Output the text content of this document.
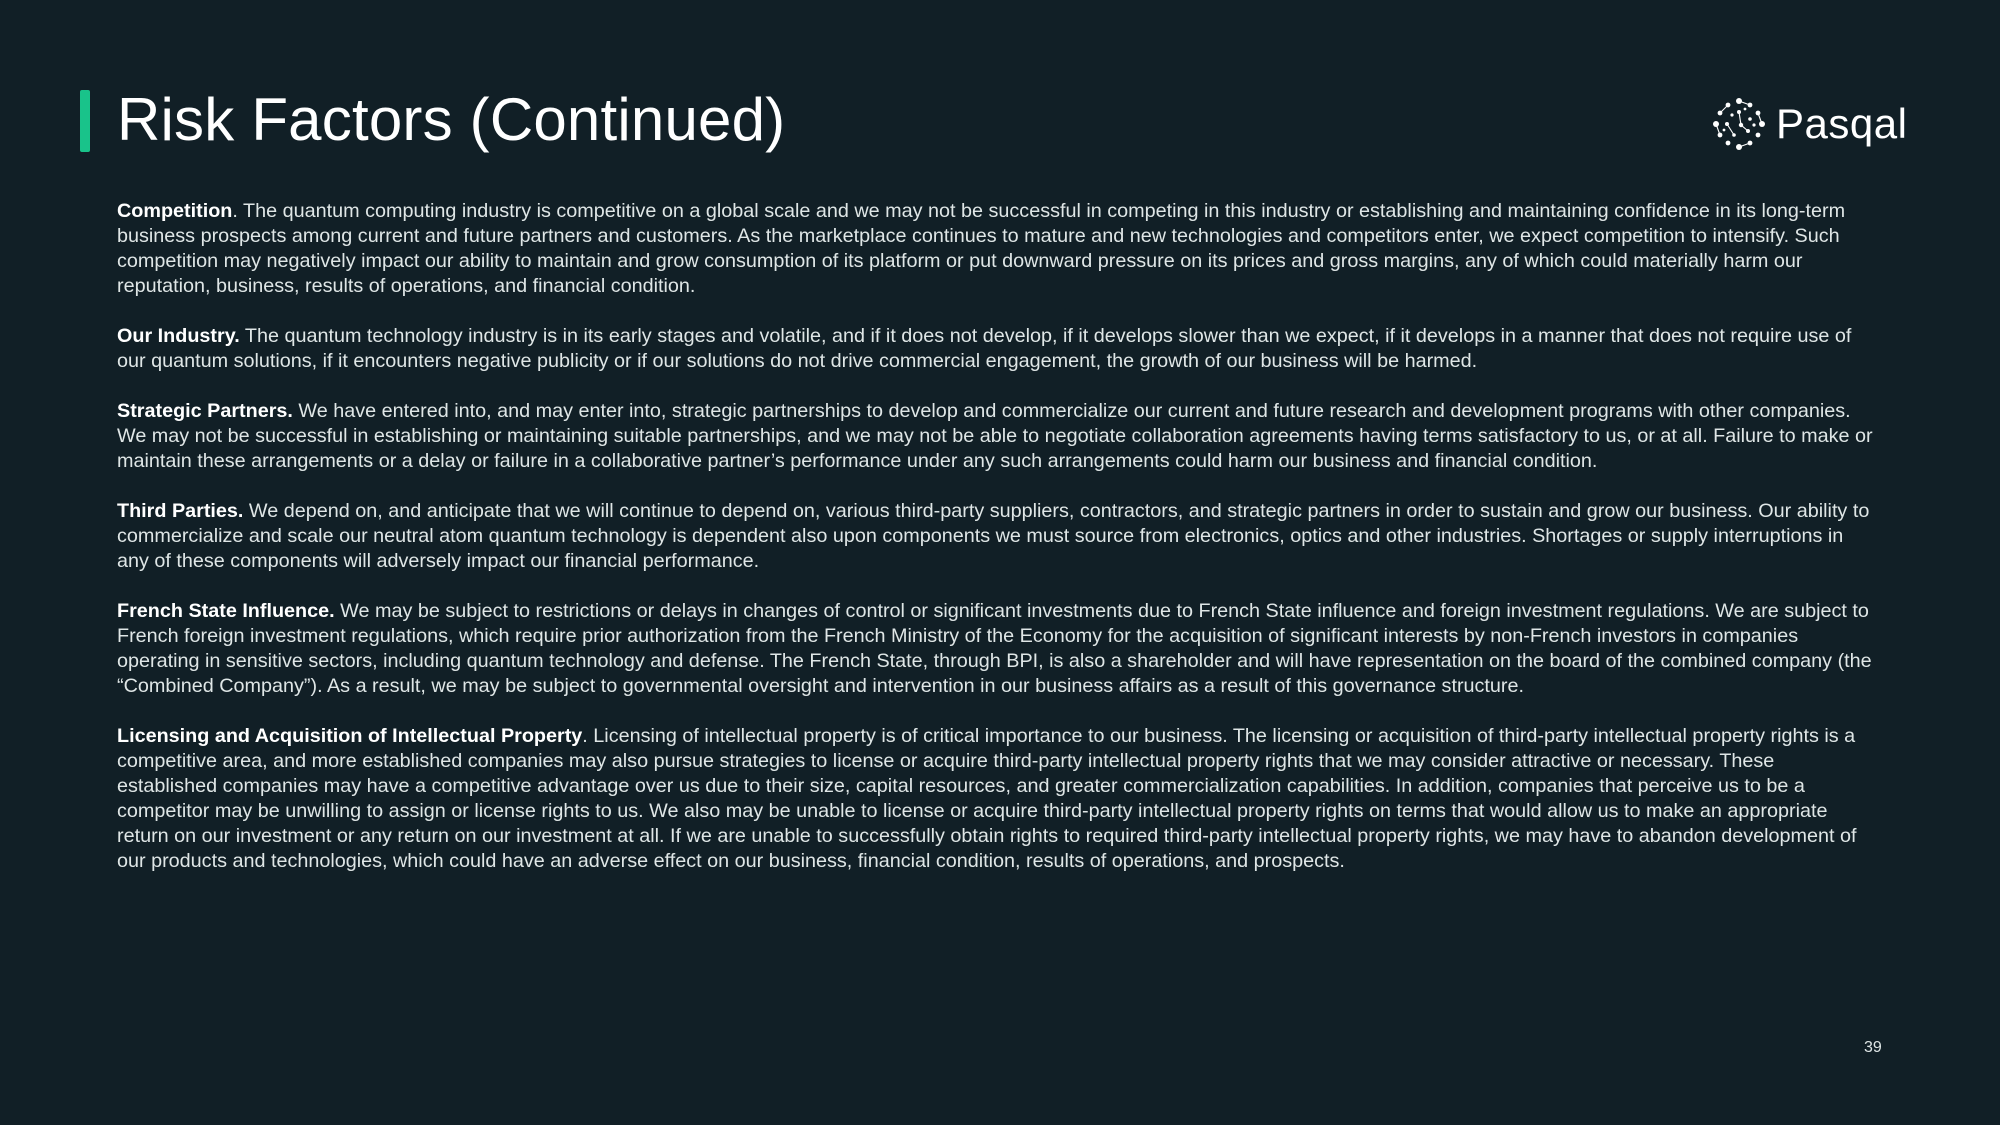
Risk Factors (Continued)	Pasqal

Competition. The quantum computing industry is competitive on a global scale and we may not be successful in competing in this industry or establishing and maintaining confidence in its long-term business prospects among current and future partners and customers. As the marketplace continues to mature and new technologies and competitors enter, we expect competition to intensify. Such competition may negatively impact our ability to maintain and grow consumption of its platform or put downward pressure on its prices and gross margins, any of which could materially harm our reputation, business, results of operations, and financial condition.

Our Industry. The quantum technology industry is in its early stages and volatile, and if it does not develop, if it develops slower than we expect, if it develops in a manner that does not require use of our quantum solutions, if it encounters negative publicity or if our solutions do not drive commercial engagement, the growth of our business will be harmed.

Strategic Partners. We have entered into, and may enter into, strategic partnerships to develop and commercialize our current and future research and development programs with other companies. We may not be successful in establishing or maintaining suitable partnerships, and we may not be able to negotiate collaboration agreements having terms satisfactory to us, or at all. Failure to make or maintain these arrangements or a delay or failure in a collaborative partner’s performance under any such arrangements could harm our business and financial condition.

Third Parties. We depend on, and anticipate that we will continue to depend on, various third-party suppliers, contractors, and strategic partners in order to sustain and grow our business. Our ability to commercialize and scale our neutral atom quantum technology is dependent also upon components we must source from electronics, optics and other industries. Shortages or supply interruptions in any of these components will adversely impact our financial performance.

French State Influence. We may be subject to restrictions or delays in changes of control or significant investments due to French State influence and foreign investment regulations. We are subject to French foreign investment regulations, which require prior authorization from the French Ministry of the Economy for the acquisition of significant interests by non-French investors in companies operating in sensitive sectors, including quantum technology and defense. The French State, through BPI, is also a shareholder and will have representation on the board of the combined company (the “Combined Company”). As a result, we may be subject to governmental oversight and intervention in our business affairs as a result of this governance structure.

Licensing and Acquisition of Intellectual Property. Licensing of intellectual property is of critical importance to our business. The licensing or acquisition of third-party intellectual property rights is a competitive area, and more established companies may also pursue strategies to license or acquire third-party intellectual property rights that we may consider attractive or necessary. These established companies may have a competitive advantage over us due to their size, capital resources, and greater commercialization capabilities. In addition, companies that perceive us to be a competitor may be unwilling to assign or license rights to us. We also may be unable to license or acquire third-party intellectual property rights on terms that would allow us to make an appropriate return on our investment or any return on our investment at all. If we are unable to successfully obtain rights to required third-party intellectual property rights, we may have to abandon development of our products and technologies, which could have an adverse effect on our business, financial condition, results of operations, and prospects.

39
